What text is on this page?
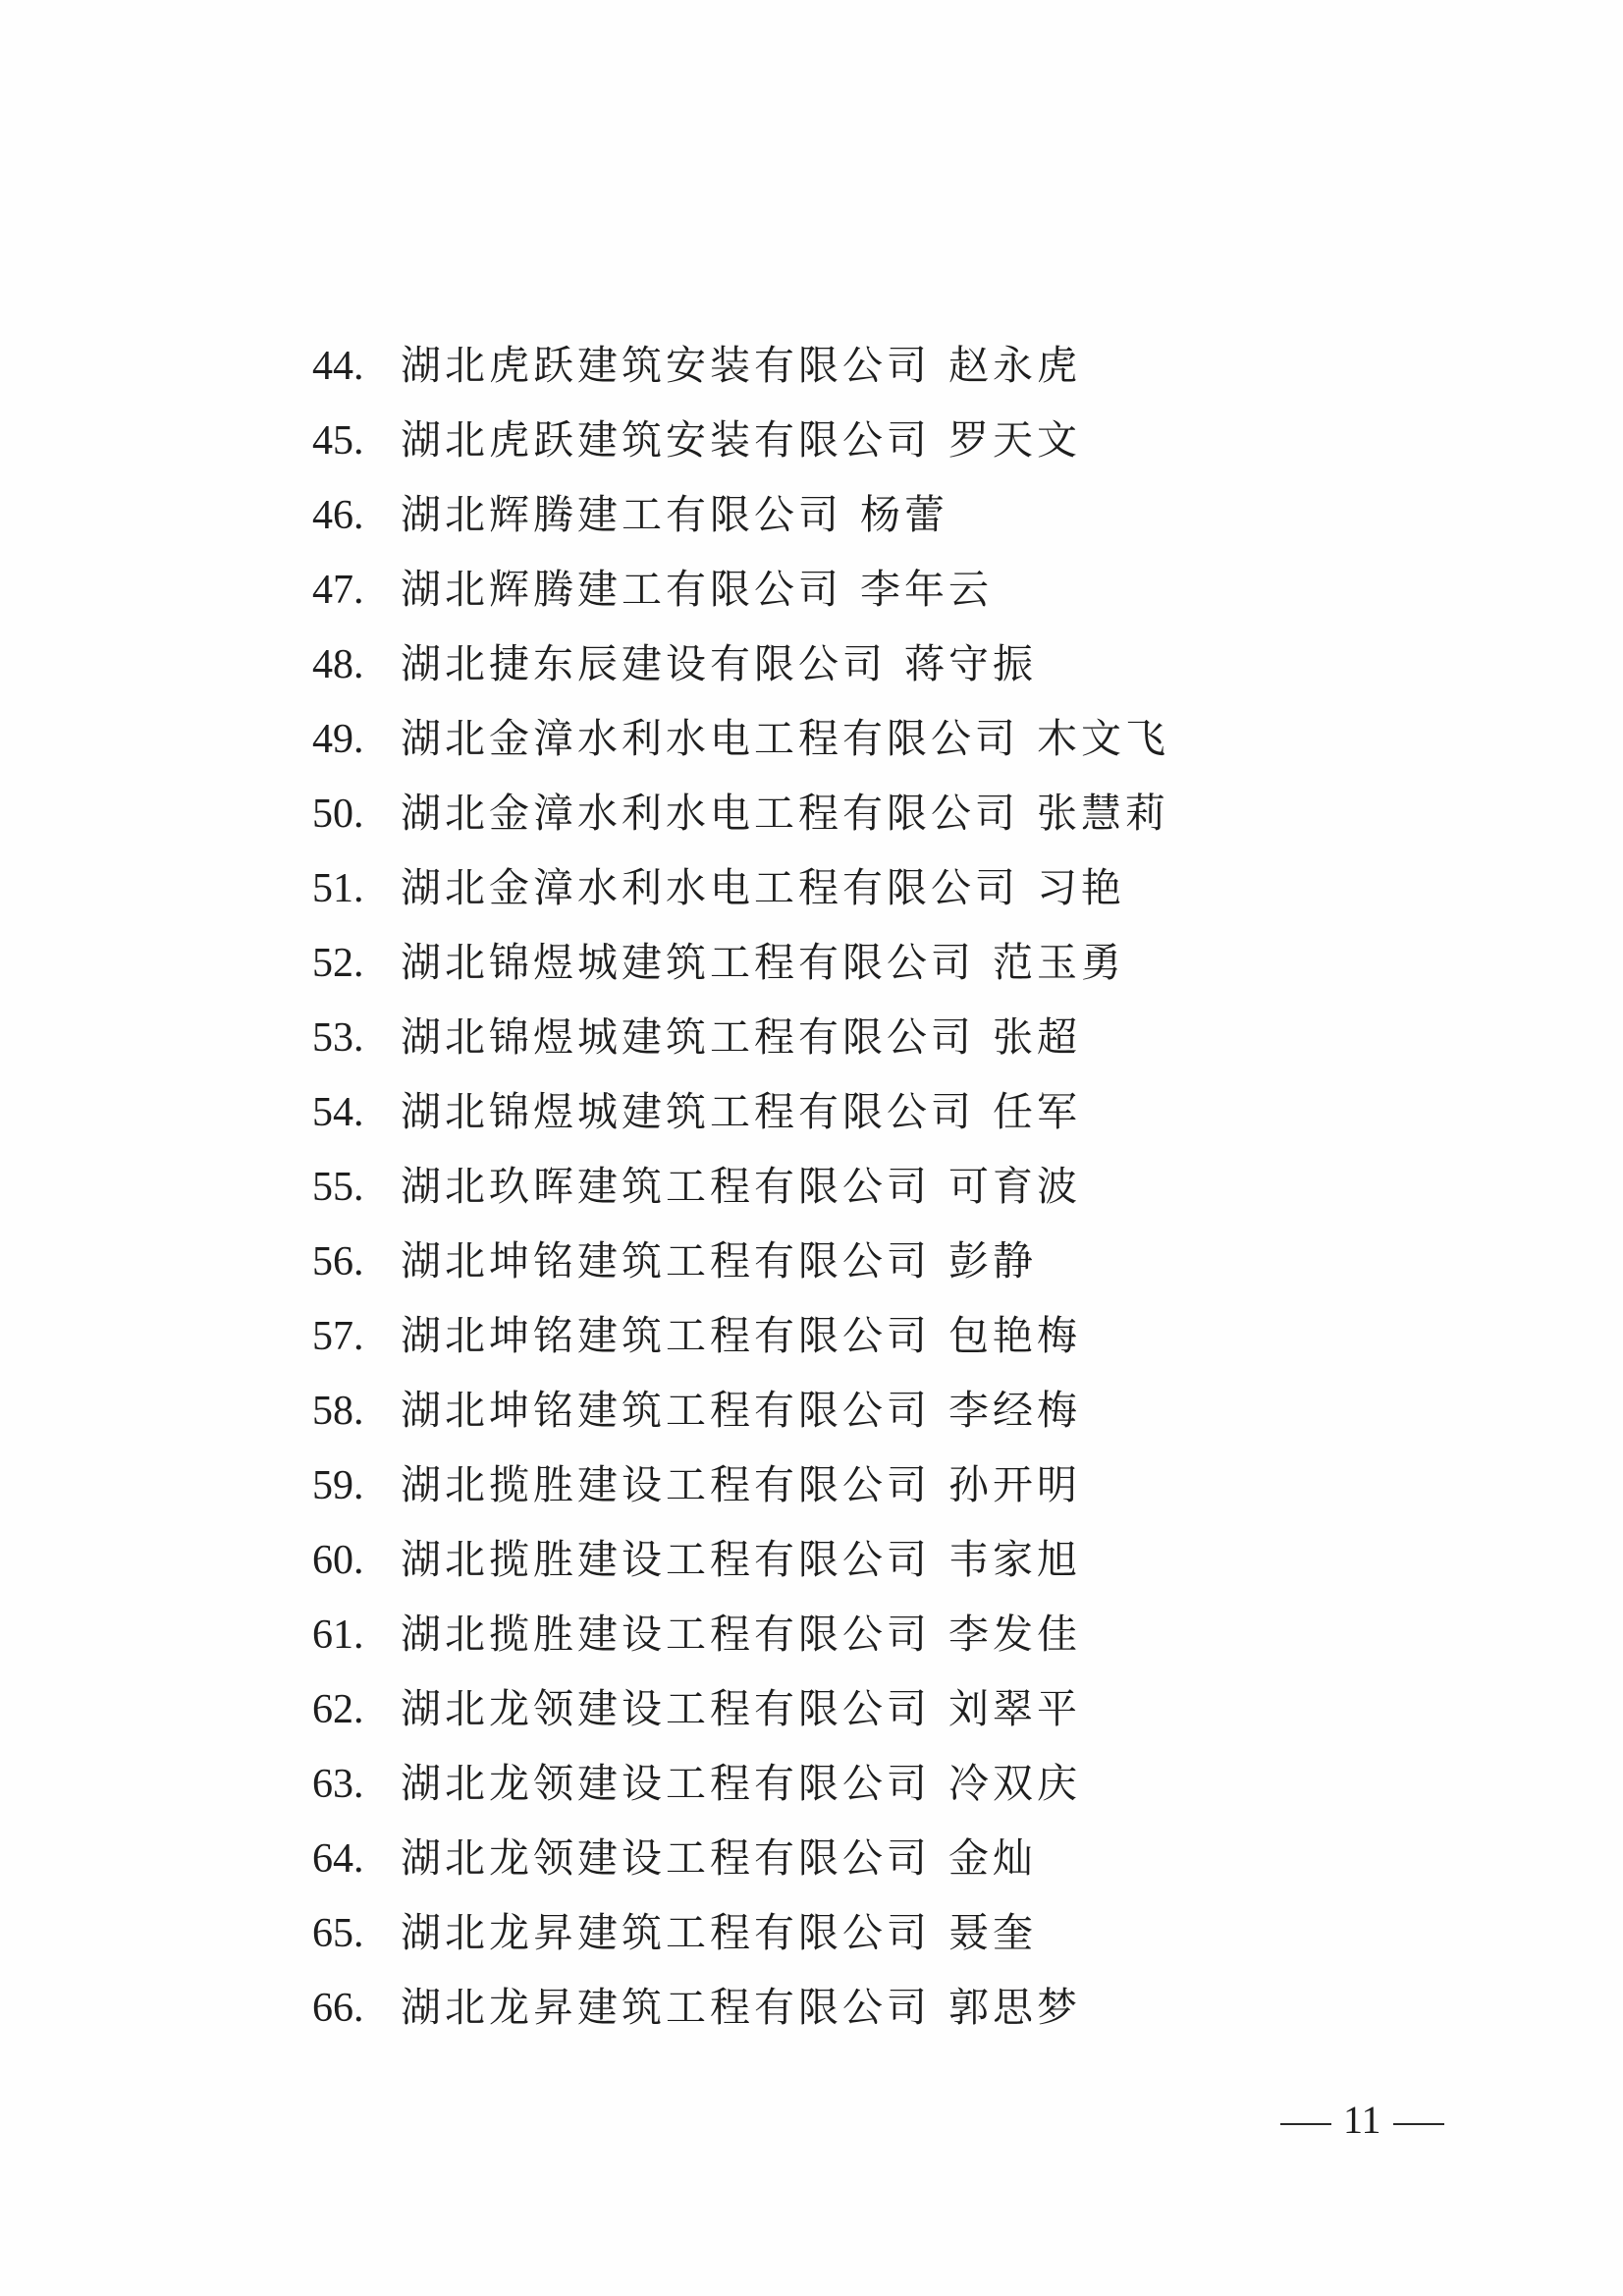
44. 湖北虎跃建筑安装有限公司 赵永虎
45. 湖北虎跃建筑安装有限公司 罗天文
46. 湖北辉腾建工有限公司 杨蕾
47. 湖北辉腾建工有限公司 李年云
48. 湖北捷东辰建设有限公司 蒋守振
49. 湖北金漳水利水电工程有限公司 木文飞
50. 湖北金漳水利水电工程有限公司 张慧莉
51. 湖北金漳水利水电工程有限公司 习艳
52. 湖北锦煜城建筑工程有限公司 范玉勇
53. 湖北锦煜城建筑工程有限公司 张超
54. 湖北锦煜城建筑工程有限公司 任军
55. 湖北玖晖建筑工程有限公司 可育波
56. 湖北坤铭建筑工程有限公司 彭静
57. 湖北坤铭建筑工程有限公司 包艳梅
58. 湖北坤铭建筑工程有限公司 李经梅
59. 湖北揽胜建设工程有限公司 孙开明
60. 湖北揽胜建设工程有限公司 韦家旭
61. 湖北揽胜建设工程有限公司 李发佳
62. 湖北龙领建设工程有限公司 刘翠平
63. 湖北龙领建设工程有限公司 冷双庆
64. 湖北龙领建设工程有限公司 金灿
65. 湖北龙昇建筑工程有限公司 聂奎
66. 湖北龙昇建筑工程有限公司 郭思梦
11
